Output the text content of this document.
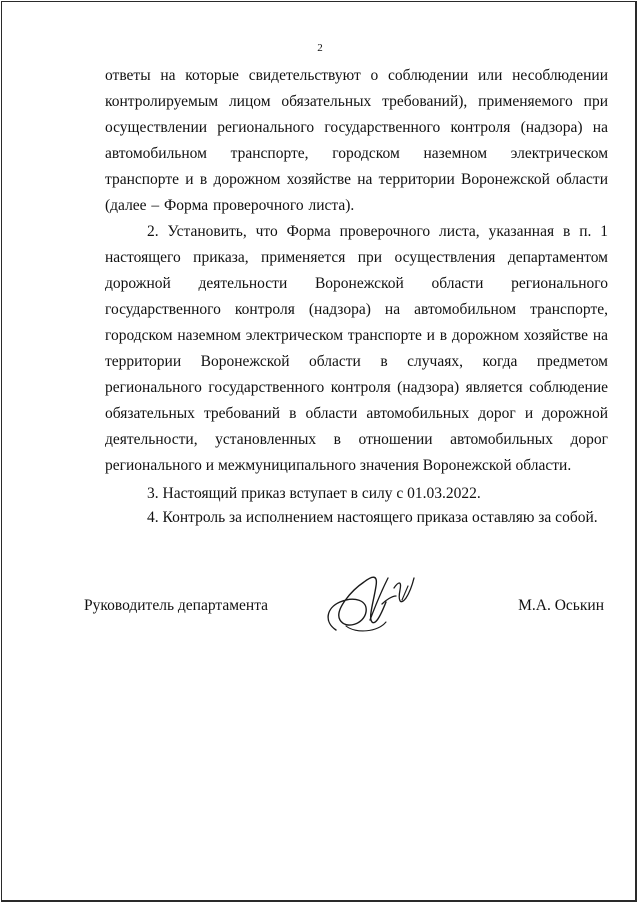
2

ответы на которые свидетельствуют о соблюдении или несоблюдении контролируемым лицом обязательных требований), применяемого при осуществлении регионального государственного контроля (надзора) на автомобильном транспорте, городском наземном электрическом транспорте и в дорожном хозяйстве на территории Воронежской области (далее – Форма проверочного листа).

2. Установить, что Форма проверочного листа, указанная в п. 1 настоящего приказа, применяется при осуществления департаментом дорожной деятельности Воронежской области регионального государственного контроля (надзора) на автомобильном транспорте, городском наземном электрическом транспорте и в дорожном хозяйстве на территории Воронежской области в случаях, когда предметом регионального государственного контроля (надзора) является соблюдение обязательных требований в области автомобильных дорог и дорожной деятельности, установленных в отношении автомобильных дорог регионального и межмуниципального значения Воронежской области.

3. Настоящий приказ вступает в силу с 01.03.2022.

4. Контроль за исполнением настоящего приказа оставляю за собой.

Руководитель департамента	М.А. Оськин
